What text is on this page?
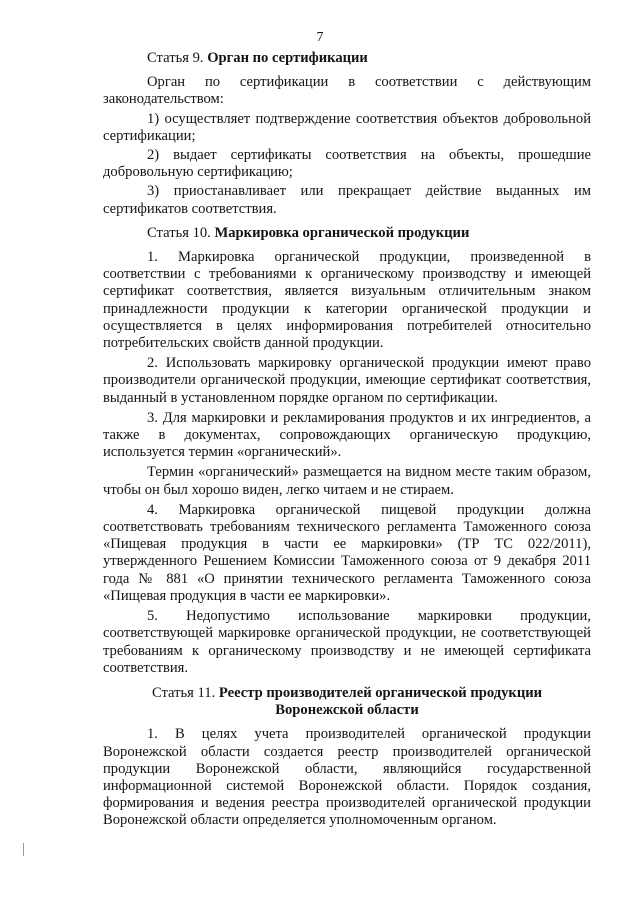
7
Статья 9. Орган по сертификации

Орган по сертификации в соответствии с действующим законодательством:

1) осуществляет подтверждение соответствия объектов добровольной сертификации;

2) выдает сертификаты соответствия на объекты, прошедшие добровольную сертификацию;

3) приостанавливает или прекращает действие выданных им сертификатов соответствия.

Статья 10. Маркировка органической продукции

1. Маркировка органической продукции, произведенной в соответствии с требованиями к органическому производству и имеющей сертификат соответствия, является визуальным отличительным знаком принадлежности продукции к категории органической продукции и осуществляется в целях информирования потребителей относительно потребительских свойств данной продукции.

2. Использовать маркировку органической продукции имеют право производители органической продукции, имеющие сертификат соответствия, выданный в установленном порядке органом по сертификации.

3. Для маркировки и рекламирования продуктов и их ингредиентов, а также в документах, сопровождающих органическую продукцию, используется термин «органический».

Термин «органический» размещается на видном месте таким образом, чтобы он был хорошо виден, легко читаем и не стираем.

4. Маркировка органической пищевой продукции должна соответствовать требованиям технического регламента Таможенного союза «Пищевая продукция в части ее маркировки» (ТР ТС 022/2011), утвержденного Решением Комиссии Таможенного союза от 9 декабря 2011 года № 881 «О принятии технического регламента Таможенного союза «Пищевая продукция в части ее маркировки».

5. Недопустимо использование маркировки продукции, соответствующей маркировке органической продукции, не соответствующей требованиям к органическому производству и не имеющей сертификата соответствия.

Статья 11. Реестр производителей органической продукции
Воронежской области

1. В целях учета производителей органической продукции Воронежской области создается реестр производителей органической продукции Воронежской области, являющийся государственной информационной системой Воронежской области. Порядок создания, формирования и ведения реестра производителей органической продукции Воронежской области определяется уполномоченным органом.
